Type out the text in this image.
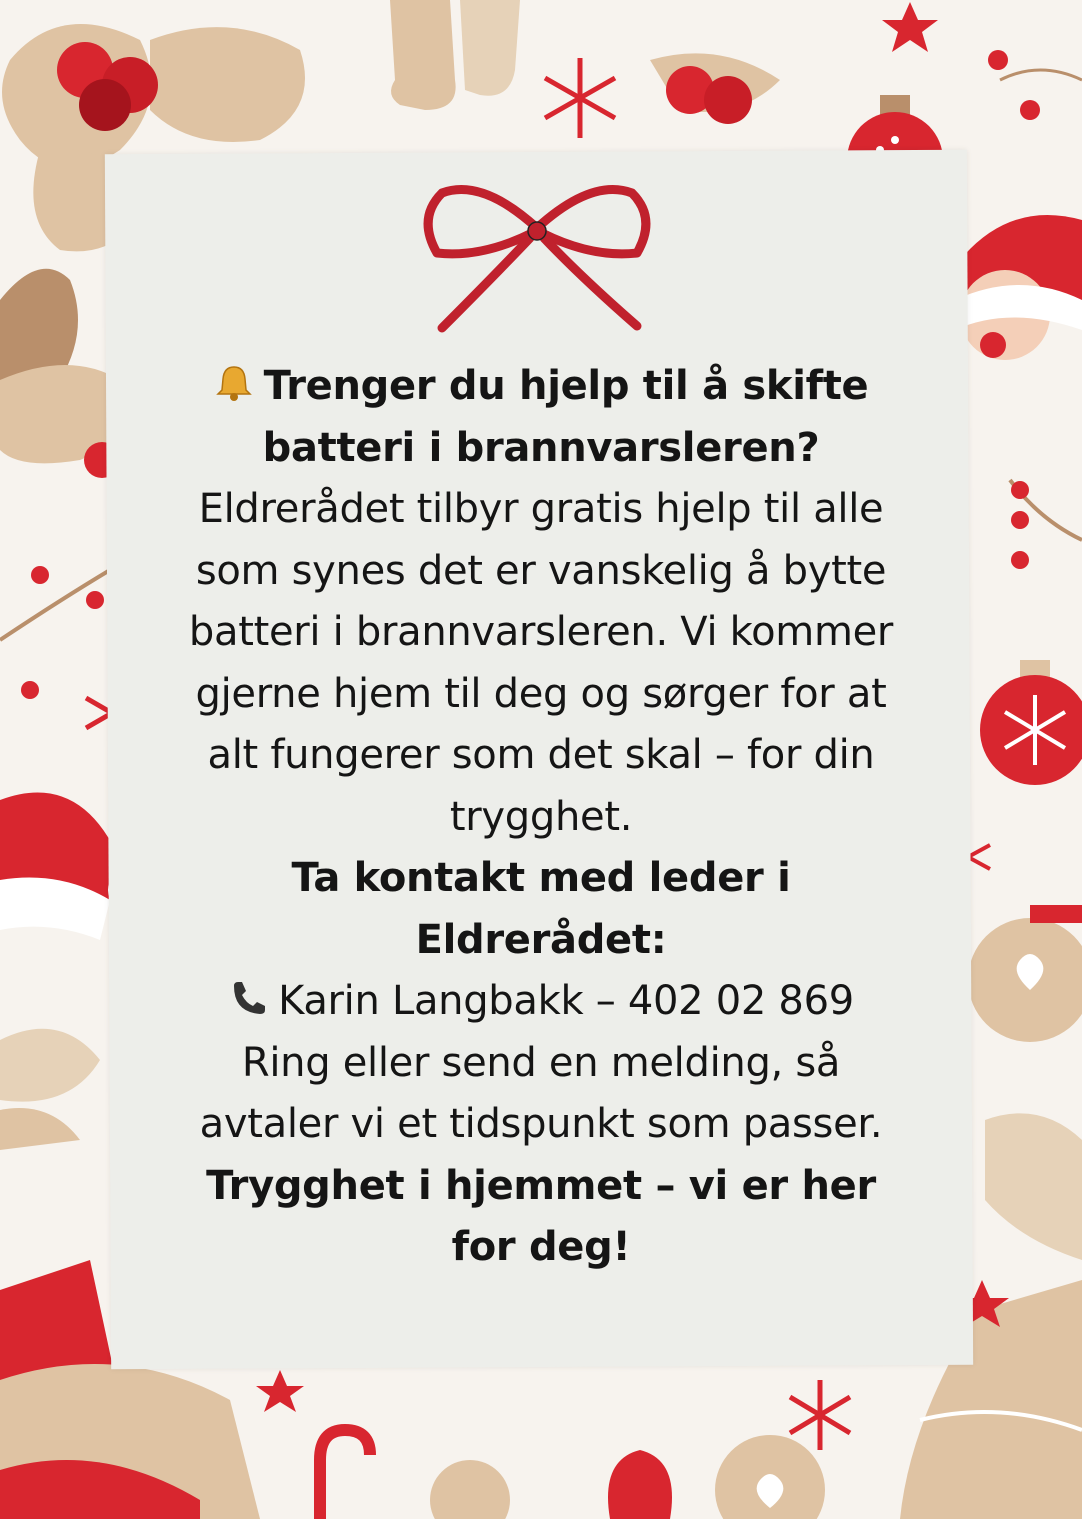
Trenger du hjelp til å skifte batteri i brannvarsleren?

Eldrerådet tilbyr gratis hjelp til alle som synes det er vanskelig å bytte batteri i brannvarsleren. Vi kommer gjerne hjem til deg og sørger for at alt fungerer som det skal – for din trygghet.

Ta kontakt med leder i Eldrerådet:

Karin Langbakk – 402 02 869

Ring eller send en melding, så avtaler vi et tidspunkt som passer.

Trygghet i hjemmet – vi er her for deg!
